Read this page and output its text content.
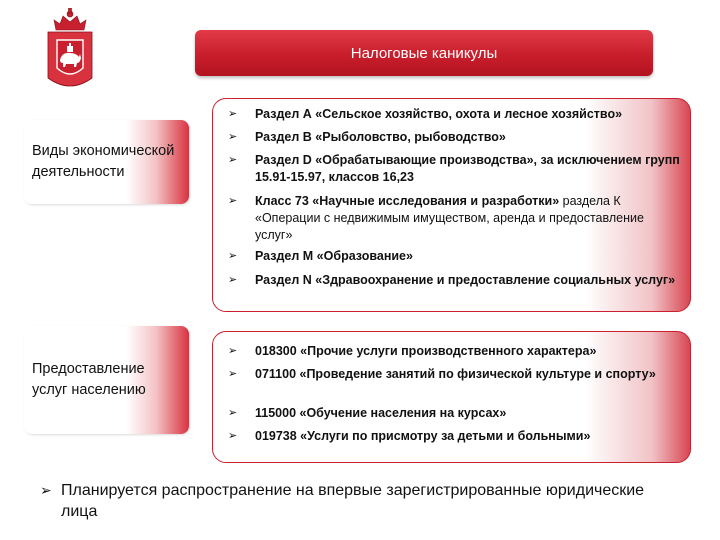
Налоговые каникулы
Виды экономической деятельности
➢ Раздел А «Сельское хозяйство, охота и лесное хозяйство»
➢ Раздел В «Рыболовство, рыбоводство»
➢ Раздел D «Обрабатывающие производства», за исключением групп 15.91-15.97, классов 16,23
➢ Класс 73 «Научные исследования и разработки» раздела К «Операции с недвижимым имуществом, аренда и предоставление услуг»
➢ Раздел М «Образование»
➢ Раздел N «Здравоохранение и предоставление социальных услуг»
Предоставление услуг населению
➢ 018300 «Прочие услуги производственного характера»
➢ 071100 «Проведение занятий по физической культуре и спорту»
➢ 115000 «Обучение населения на курсах»
➢ 019738 «Услуги по присмотру за детьми и больными»
➢ Планируется распространение на впервые зарегистрированные юридические лица
